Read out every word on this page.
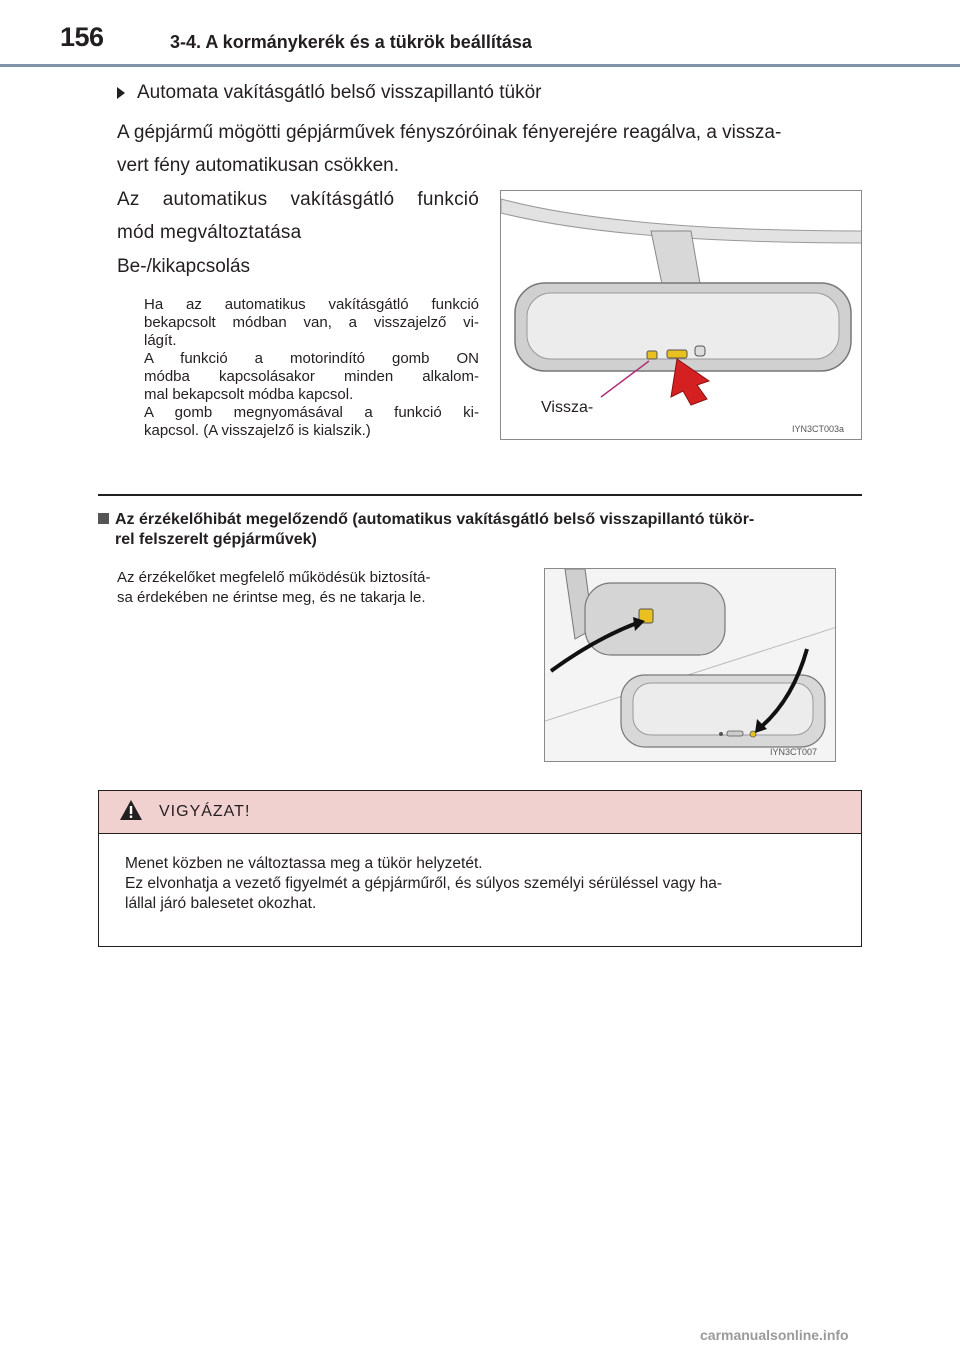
156	3-4. A kormánykerék és a tükrök beállítása
Automata vakításgátló belső visszapillantó tükör
A gépjármű mögötti gépjárművek fényszóróinak fényerejére reagálva, a vissza-
vert fény automatikusan csökken.
Az automatikus vakításgátló funkció
mód megváltoztatása
Be-/kikapcsolás

Ha az automatikus vakításgátló funkció

bekapcsolt módban van, a visszajelző vi-

lágít.

A funkció a motorindító gomb ON

módba kapcsolásakor minden alkalom-

mal bekapcsolt módba kapcsol.

A gomb megnyomásával a funkció ki-

kapcsol. (A visszajelző is kialszik.)

Vissza-
IYN3CT003a
Az érzékelőhibát megelőzendő (automatikus vakításgátló belső visszapillantó tükör-
rel felszerelt gépjárművek)
Az érzékelőket megfelelő működésük biztosítá-
sa érdekében ne érintse meg, és ne takarja le.
IYN3CT007
VIGYÁZAT!

Menet közben ne változtassa meg a tükör helyzetét.

Ez elvonhatja a vezető figyelmét a gépjárműről, és súlyos személyi sérüléssel vagy ha-

lállal járó balesetet okozhat.

carmanualsonline.info
